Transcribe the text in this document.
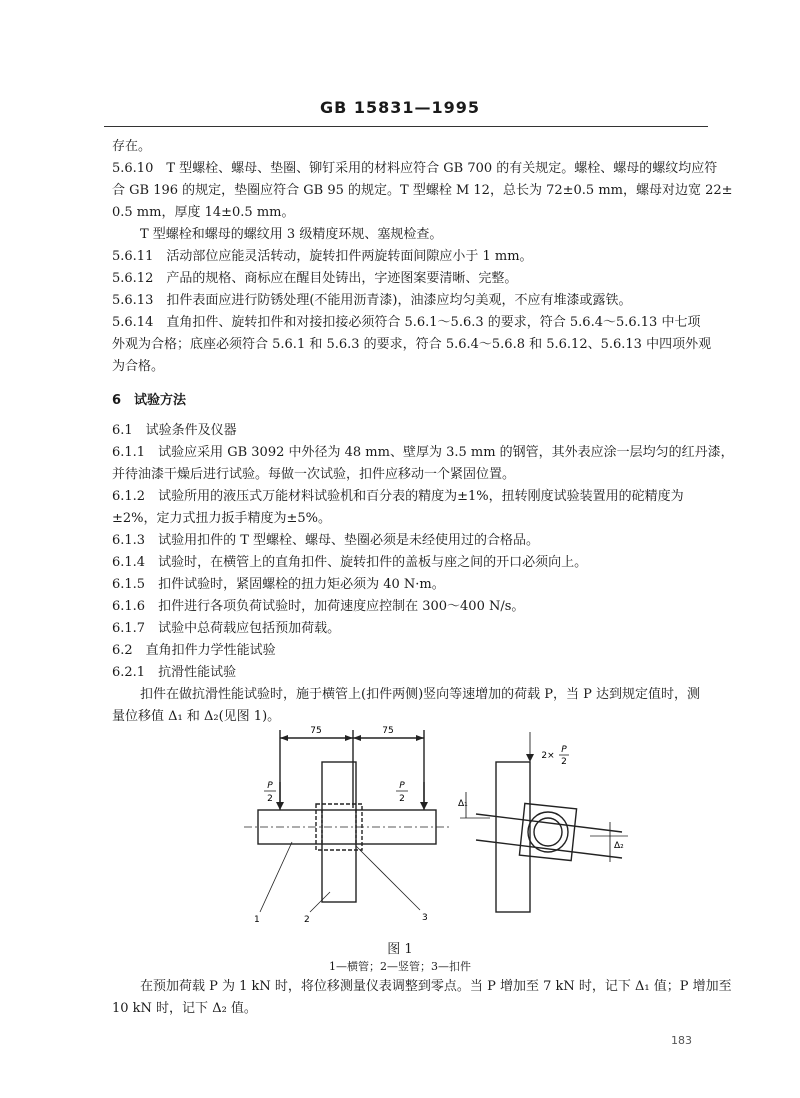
GB 15831—1995
存在。
5.6.10　T 型螺栓、螺母、垫圈、铆钉采用的材料应符合 GB 700 的有关规定。螺栓、螺母的螺纹均应符
合 GB 196 的规定，垫圈应符合 GB 95 的规定。T 型螺栓 M 12，总长为 72±0.5 mm，螺母对边宽 22±
0.5 mm，厚度 14±0.5 mm。
T 型螺栓和螺母的螺纹用 3 级精度环规、塞规检查。
5.6.11　活动部位应能灵活转动，旋转扣件两旋转面间隙应小于 1 mm。
5.6.12　产品的规格、商标应在醒目处铸出，字迹图案要清晰、完整。
5.6.13　扣件表面应进行防锈处理(不能用沥青漆)，油漆应均匀美观，不应有堆漆或露铁。
5.6.14　直角扣件、旋转扣件和对接扣接必须符合 5.6.1～5.6.3 的要求，符合 5.6.4～5.6.13 中七项
外观为合格；底座必须符合 5.6.1 和 5.6.3 的要求，符合 5.6.4～5.6.8 和 5.6.12、5.6.13 中四项外观
为合格。
6　试验方法
6.1　试验条件及仪器
6.1.1　试验应采用 GB 3092 中外径为 48 mm、壁厚为 3.5 mm 的钢管，其外表应涂一层均匀的红丹漆，
并待油漆干燥后进行试验。每做一次试验，扣件应移动一个紧固位置。
6.1.2　试验所用的液压式万能材料试验机和百分表的精度为±1%，扭转刚度试验装置用的砣精度为
±2%，定力式扭力扳手精度为±5%。
6.1.3　试验用扣件的 T 型螺栓、螺母、垫圈必须是未经使用过的合格品。
6.1.4　试验时，在横管上的直角扣件、旋转扣件的盖板与座之间的开口必须向上。
6.1.5　扣件试验时，紧固螺栓的扭力矩必须为 40 N·m。
6.1.6　扣件进行各项负荷试验时，加荷速度应控制在 300～400 N/s。
6.1.7　试验中总荷载应包括预加荷载。
6.2　直角扣件力学性能试验
6.2.1　抗滑性能试验
扣件在做抗滑性能试验时，施于横管上(扣件两侧)竖向等速增加的荷载 P，当 P 达到规定值时，测
量位移值 Δ₁ 和 Δ₂(见图 1)。
75	75
P
2
P
2
2×
P
2
Δ₁
Δ₂
1	2	3
图 1
1—横管；2—竖管；3—扣件
在预加荷载 P 为 1 kN 时，将位移测量仪表调整到零点。当 P 增加至 7 kN 时，记下 Δ₁ 值；P 增加至
10 kN 时，记下 Δ₂ 值。
183
